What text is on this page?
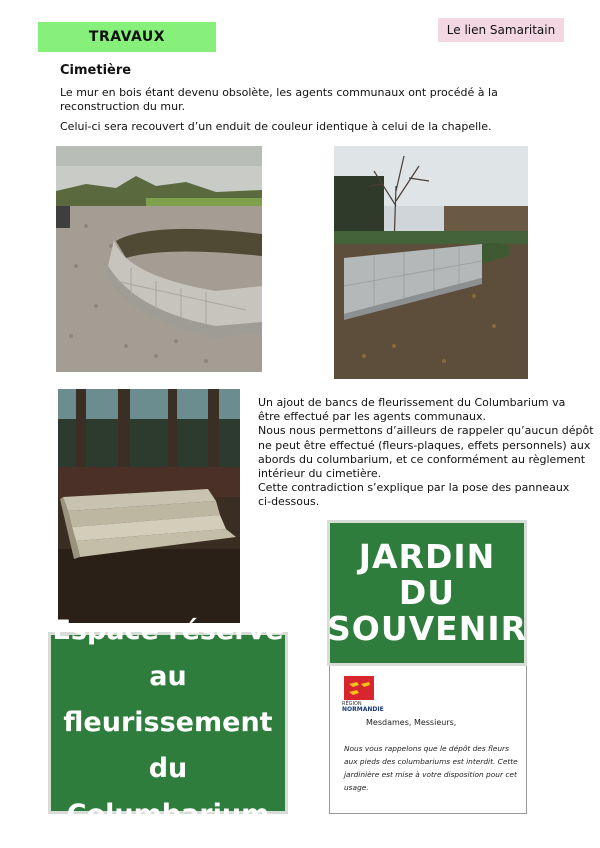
TRAVAUX	Le lien Samaritain
Cimetière
Le mur en bois étant devenu obsolète, les agents communaux ont procédé à la reconstruction du mur.
Celui-ci sera recouvert d’un enduit de couleur identique à celui de la chapelle.
Un ajout de bancs de fleurissement du Columbarium va
être effectué par les agents communaux.
Nous nous permettons d’ailleurs de rappeler qu’aucun dépôt
ne peut être effectué (fleurs-plaques, effets personnels) aux
abords du columbarium, et ce conformément au règlement
intérieur du cimetière.
Cette contradiction s’explique par la pose des panneaux
ci-dessous.
JARDIN
DU
SOUVENIR
RÉGION
NORMANDIE
Mesdames, Messieurs,
Nous vous rappelons que le dépôt des fleurs aux pieds des columbariums est interdit. Cette jardinière est mise à votre disposition pour cet usage.
Espace réservé
au fleurissement
du Columbarium
